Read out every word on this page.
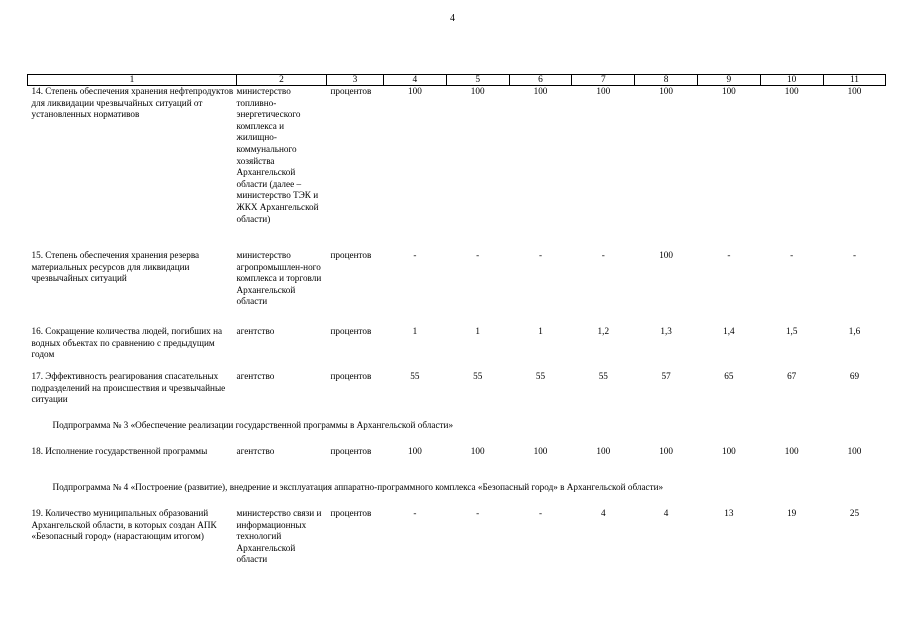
4
1	2	3	4	5	6	7	8	9	10	11
14. Степень обеспечения хранения нефтепродуктов для ликвидации чрезвычайных ситуаций от установленных нормативов	министерство топливно-энергетического комплекса и жилищно-коммунального хозяйства Архангельской области (далее – министерство ТЭК и ЖКХ Архангельской области)	процентов	100	100	100	100	100	100	100	100
15. Степень обеспечения хранения резерва материальных ресурсов для ликвидации чрезвычайных ситуаций	министерство агропромышлен-ного комплекса и торговли Архангельской области	процентов	-	-	-	-	100	-	-	-
16. Сокращение количества людей, погибших на водных объектах по сравнению с предыдущим годом	агентство	процентов	1	1	1	1,2	1,3	1,4	1,5	1,6
17. Эффективность реагирования спасательных подразделений на происшествия и чрезвычайные ситуации	агентство	процентов	55	55	55	55	57	65	67	69
Подпрограмма № 3 «Обеспечение реализации государственной программы в Архангельской области»										
18. Исполнение государственной программы	агентство	процентов	100	100	100	100	100	100	100	100
Подпрограмма № 4 «Построение (развитие), внедрение и эксплуатация аппаратно-программного комплекса «Безопасный город» в Архангельской области»										
19. Количество муниципальных образований Архангельской области, в которых создан АПК «Безопасный город» (нарастающим итогом)	министерство связи и информационных технологий Архангельской области	процентов	-	-	-	4	4	13	19	25
